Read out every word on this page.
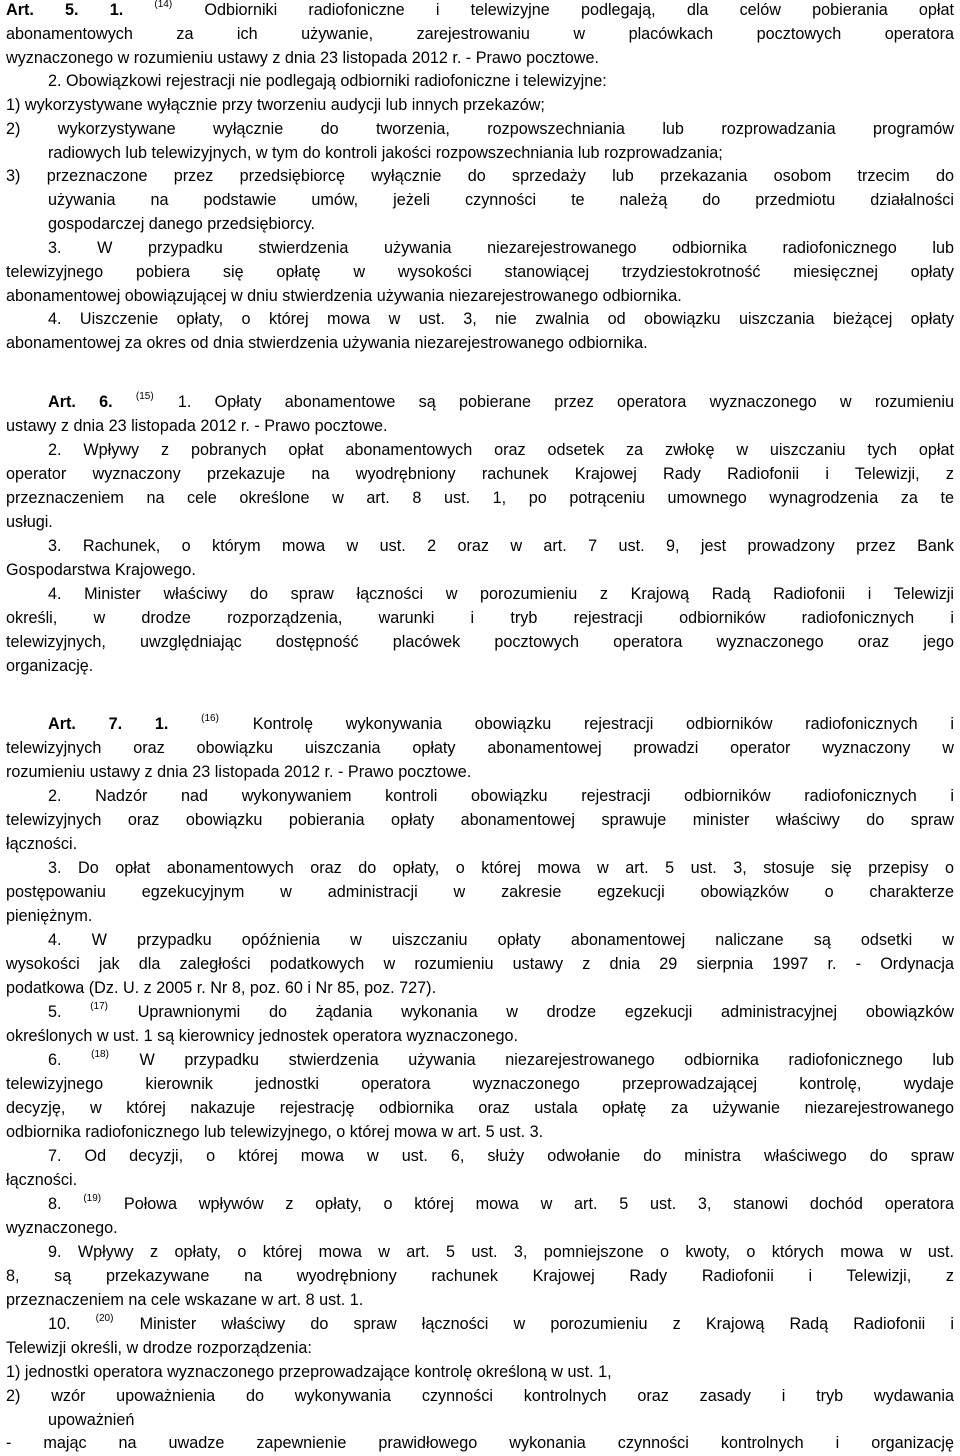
Art. 5. 1.	$^{(14)}$ Odbiorniki radiofoniczne i telewizyjne podlegają, dla celów pobierania opłat
abonamentowych za ich używanie, zarejestrowaniu w placówkach pocztowych operatora
wyznaczonego w rozumieniu ustawy z dnia 23 listopada 2012 r. - Prawo pocztowe.
2. Obowiązkowi rejestracji nie podlegają odbiorniki radiofoniczne i telewizyjne:
1) wykorzystywane wyłącznie przy tworzeniu audycji lub innych przekazów;
2) wykorzystywane wyłącznie do tworzenia, rozpowszechniania lub rozprowadzania programów
radiowych lub telewizyjnych, w tym do kontroli jakości rozpowszechniania lub rozprowadzania;
3) przeznaczone przez przedsiębiorcę wyłącznie do sprzedaży lub przekazania osobom trzecim do
używania na podstawie umów, jeżeli czynności te należą do przedmiotu działalności
gospodarczej danego przedsiębiorcy.
3. W przypadku stwierdzenia używania niezarejestrowanego odbiornika radiofonicznego lub
telewizyjnego pobiera się opłatę w wysokości stanowiącej trzydziestokrotność miesięcznej opłaty
abonamentowej obowiązującej w dniu stwierdzenia używania niezarejestrowanego odbiornika.
4. Uiszczenie opłaty, o której mowa w ust. 3, nie zwalnia od obowiązku uiszczania bieżącej opłaty
abonamentowej za okres od dnia stwierdzenia używania niezarejestrowanego odbiornika.
Art. 6. $^{(15)}$ 1. Opłaty abonamentowe są pobierane przez operatora wyznaczonego w rozumieniu
ustawy z dnia 23 listopada 2012 r. - Prawo pocztowe.
2. Wpływy z pobranych opłat abonamentowych oraz odsetek za zwłokę w uiszczaniu tych opłat
operator wyznaczony przekazuje na wyodrębniony rachunek Krajowej Rady Radiofonii i Telewizji, z
przeznaczeniem na cele określone w art. 8 ust. 1, po potrąceniu umownego wynagrodzenia za te
usługi.
3. Rachunek, o którym mowa w ust. 2 oraz w art. 7 ust. 9, jest prowadzony przez Bank
Gospodarstwa Krajowego.
4. Minister właściwy do spraw łączności w porozumieniu z Krajową Radą Radiofonii i Telewizji
określi, w drodze rozporządzenia, warunki i tryb rejestracji odbiorników radiofonicznych i
telewizyjnych, uwzględniając dostępność placówek pocztowych operatora wyznaczonego oraz jego
organizację.
Art. 7. 1.	$^{(16)}$ Kontrolę wykonywania obowiązku rejestracji odbiorników radiofonicznych i
telewizyjnych oraz obowiązku uiszczania opłaty abonamentowej prowadzi operator wyznaczony w
rozumieniu ustawy z dnia 23 listopada 2012 r. - Prawo pocztowe.
2. Nadzór nad wykonywaniem kontroli obowiązku rejestracji odbiorników radiofonicznych i
telewizyjnych oraz obowiązku pobierania opłaty abonamentowej sprawuje minister właściwy do spraw
łączności.
3. Do opłat abonamentowych oraz do opłaty, o której mowa w art. 5 ust. 3, stosuje się przepisy o
postępowaniu egzekucyjnym w administracji w zakresie egzekucji obowiązków o charakterze
pieniężnym.
4. W przypadku opóźnienia w uiszczaniu opłaty abonamentowej naliczane są odsetki w
wysokości jak dla zaległości podatkowych w rozumieniu ustawy z dnia 29 sierpnia 1997 r. - Ordynacja
podatkowa (Dz. U. z 2005 r. Nr 8, poz. 60 i Nr 85, poz. 727).
5.	$^{(17)}$ Uprawnionymi do żądania wykonania w drodze egzekucji administracyjnej obowiązków
określonych w ust. 1 są kierownicy jednostek operatora wyznaczonego.
6.	$^{(18)}$ W przypadku stwierdzenia używania niezarejestrowanego odbiornika radiofonicznego lub
telewizyjnego kierownik jednostki operatora wyznaczonego przeprowadzającej kontrolę, wydaje
decyzję, w której nakazuje rejestrację odbiornika oraz ustala opłatę za używanie niezarejestrowanego
odbiornika radiofonicznego lub telewizyjnego, o której mowa w art. 5 ust. 3.
7. Od decyzji, o której mowa w ust. 6, służy odwołanie do ministra właściwego do spraw
łączności.
8. $^{(19)}$ Połowa wpływów z opłaty, o której mowa w art. 5 ust. 3, stanowi dochód operatora
wyznaczonego.
9. Wpływy z opłaty, o której mowa w art. 5 ust. 3, pomniejszone o kwoty, o których mowa w ust.
8, są przekazywane na wyodrębniony rachunek Krajowej Rady Radiofonii i Telewizji, z
przeznaczeniem na cele wskazane w art. 8 ust. 1.
10.	$^{(20)}$ Minister właściwy do spraw łączności w porozumieniu z Krajową Radą Radiofonii i
Telewizji określi, w drodze rozporządzenia:
1) jednostki operatora wyznaczonego przeprowadzające kontrolę określoną w ust. 1,
2) wzór upoważnienia do wykonywania czynności kontrolnych oraz zasady i tryb wydawania
upoważnień
- mając na uwadze zapewnienie prawidłowego wykonania czynności kontrolnych i organizację
